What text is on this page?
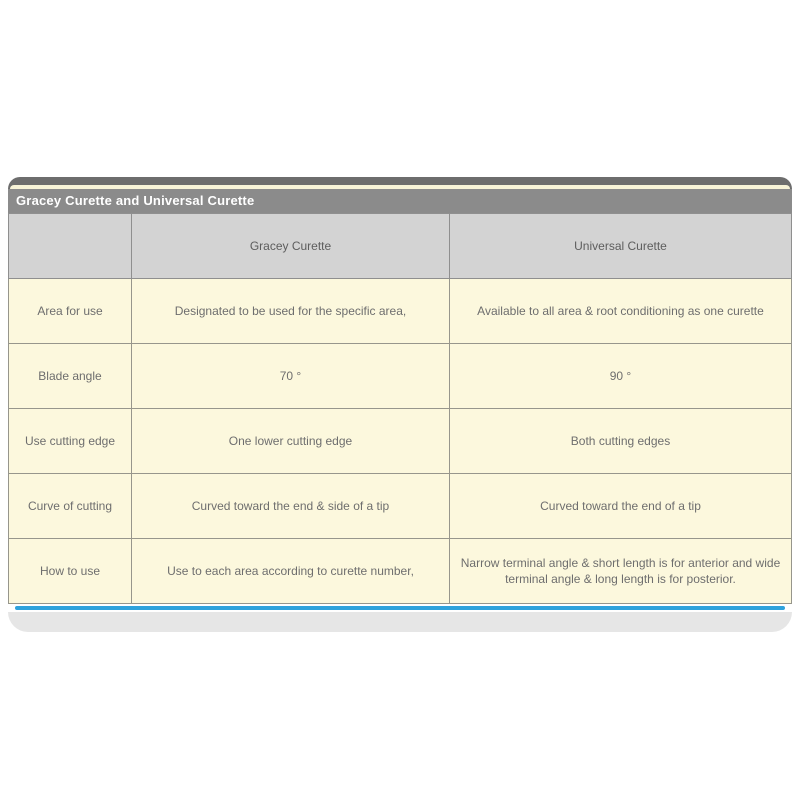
Gracey Curette and Universal Curette
	Gracey Curette	Universal Curette
Area for use	Designated to be used for the specific area,	Available to all area & root conditioning as one curette
Blade angle	70 °	90 °
Use cutting edge	One lower cutting edge	Both cutting edges
Curve of cutting	Curved toward the end & side of a tip	Curved toward the end of a tip
How to use	Use to each area according to curette number,	Narrow terminal angle & short length is for anterior and wide terminal angle & long length is for posterior.
